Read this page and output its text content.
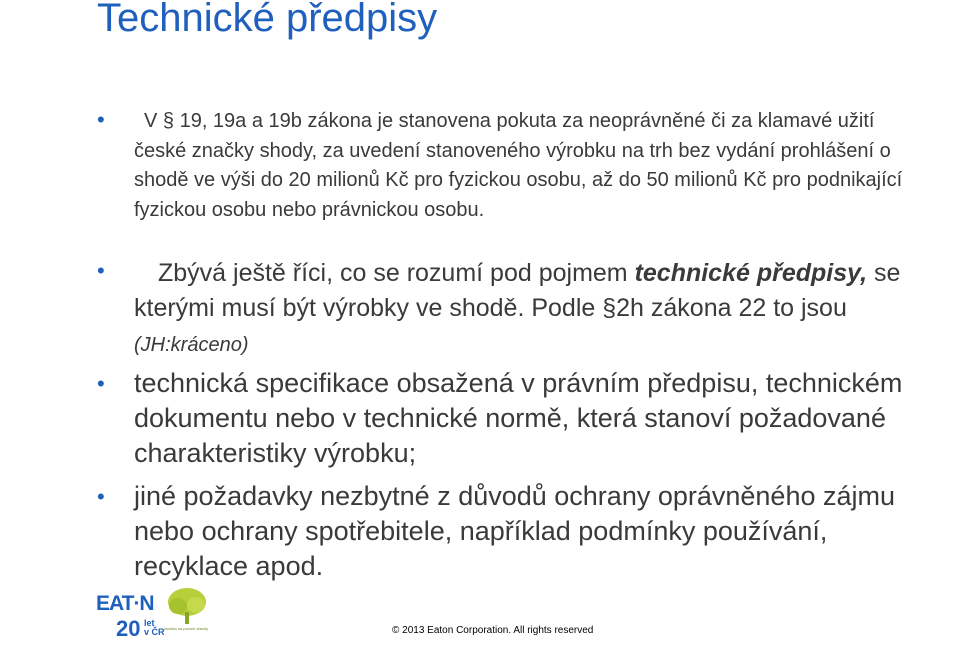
Technické předpisy
•	V § 19, 19a a 19b zákona je stanovena pokuta za neoprávněné či za klamavé užití české značky shody, za uvedení stanoveného výrobku na trh bez vydání prohlášení o shodě ve výši do 20 milionů Kč pro fyzickou osobu, až do 50 milionů Kč pro podnikající fyzickou osobu nebo právnickou osobu.
•	Zbývá ještě říci, co se rozumí pod pojmem technické předpisy, se kterými musí být výrobky ve shodě. Podle §2h zákona 22 to jsou (JH:kráceno)
• technická specifikace obsažená v právním předpisu, technickém dokumentu nebo v technické normě, která stanoví požadované charakteristiky výrobku;
• jiné požadavky nezbytné z důvodů ochrany oprávněného zájmu nebo ochrany spotřebitele, například podmínky používání, recyklace apod.
EAT·N
značka na povrch stavby
20 let
v ČR	© 2013 Eaton Corporation. All rights reserved
